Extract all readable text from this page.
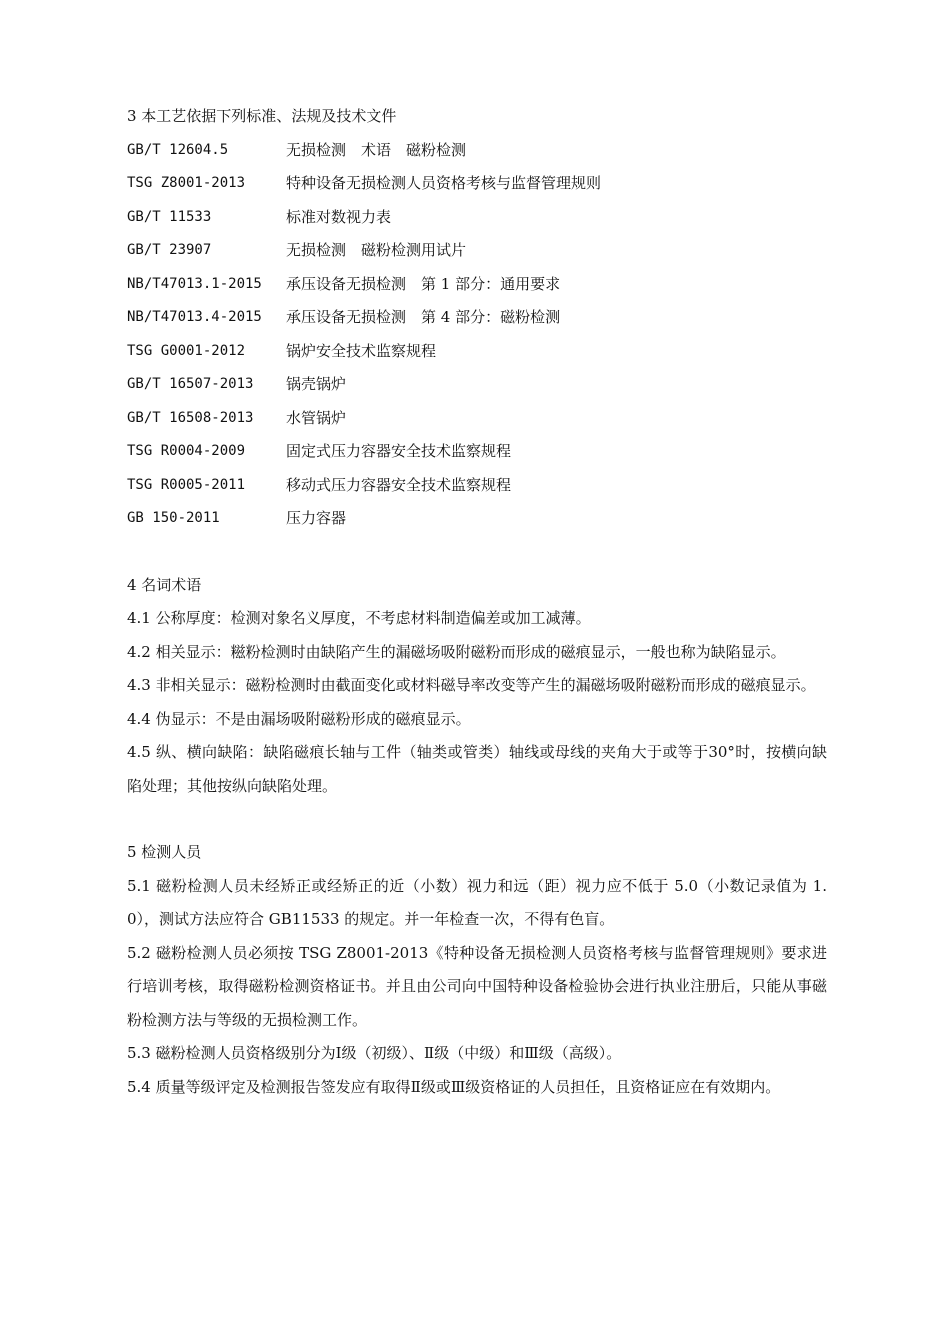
3 本工艺依据下列标准、法规及技术文件
GB/T 12604.5	无损检测　术语　磁粉检测
TSG Z8001-2013	特种设备无损检测人员资格考核与监督管理规则
GB/T 11533	标准对数视力表
GB/T 23907	无损检测　磁粉检测用试片
NB/T47013.1-2015	承压设备无损检测　第 1 部分：通用要求
NB/T47013.4-2015	承压设备无损检测　第 4 部分：磁粉检测
TSG G0001-2012	锅炉安全技术监察规程
GB/T 16507-2013	锅壳锅炉
GB/T 16508-2013	水管锅炉
TSG R0004-2009	固定式压力容器安全技术监察规程
TSG R0005-2011	移动式压力容器安全技术监察规程
GB 150-2011	压力容器
4 名词术语
4.1 公称厚度：检测对象名义厚度，不考虑材料制造偏差或加工减薄。
4.2 相关显示：糍粉检测时由缺陷产生的漏磁场吸附磁粉而形成的磁痕显示，一般也称为缺陷显示。
4.3 非相关显示：磁粉检测时由截面变化或材料磁导率改变等产生的漏磁场吸附磁粉而形成的磁痕显示。
4.4 伪显示：不是由漏场吸附磁粉形成的磁痕显示。
4.5 纵、横向缺陷：缺陷磁痕长轴与工件（轴类或管类）轴线或母线的夹角大于或等于30°时，按横向缺陷处理；其他按纵向缺陷处理。
5 检测人员
5.1 磁粉检测人员未经矫正或经矫正的近（小数）视力和远（距）视力应不低于 5.0（小数记录值为 1.0），测试方法应符合 GB11533 的规定。并一年检查一次，不得有色盲。
5.2 磁粉检测人员必须按 TSG Z8001-2013《特种设备无损检测人员资格考核与监督管理规则》要求进行培训考核，取得磁粉检测资格证书。并且由公司向中国特种设备检验协会进行执业注册后，只能从事磁粉检测方法与等级的无损检测工作。
5.3 磁粉检测人员资格级别分为Ⅰ级（初级）、Ⅱ级（中级）和Ⅲ级（高级）。
5.4 质量等级评定及检测报告签发应有取得Ⅱ级或Ⅲ级资格证的人员担任，且资格证应在有效期内。
